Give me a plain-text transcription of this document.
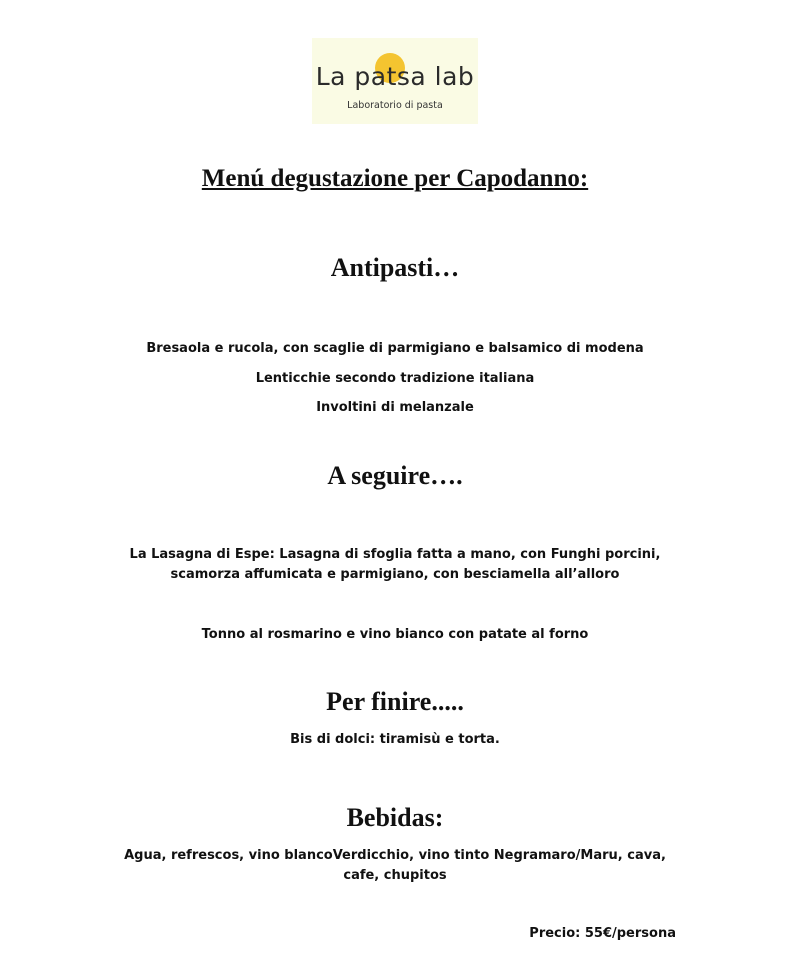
La patsa lab
Laboratorio di pasta
Menú degustazione per Capodanno:
Antipasti…
Bresaola e rucola, con scaglie di parmigiano e balsamico di modena
Lenticchie secondo tradizione italiana
Involtini di melanzale
A seguire….
La Lasagna di Espe: Lasagna di sfoglia fatta a mano, con Funghi porcini, scamorza affumicata e parmigiano, con besciamella all’alloro
Tonno al rosmarino e vino bianco con patate al forno
Per finire.....
Bis di dolci: tiramisù e torta.
Bebidas:
Agua, refrescos, vino blancoVerdicchio, vino tinto Negramaro/Maru, cava, cafe, chupitos
Precio: 55€/persona
